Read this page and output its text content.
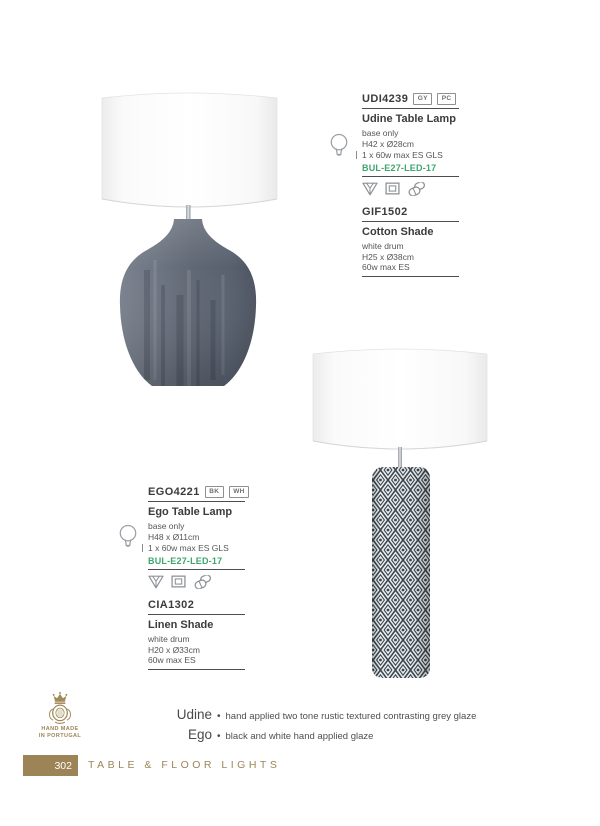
UDI4239	GY	PC
Udine Table Lamp
base only
H42 x Ø28cm
1 x 60w max ES GLS
BUL-E27-LED-17
GIF1502
Cotton Shade
white drum
H25 x Ø38cm
60w max ES
EGO4221	BK	WH
Ego Table Lamp
base only
H48 x Ø11cm
1 x 60w max ES GLS
BUL-E27-LED-17
CIA1302
Linen Shade
white drum
H20 x Ø33cm
60w max ES
Udine • hand applied two tone rustic textured contrasting grey glaze
Ego • black and white hand applied glaze
HAND MADE
IN PORTUGAL
302 TABLE & FLOOR LIGHTS
